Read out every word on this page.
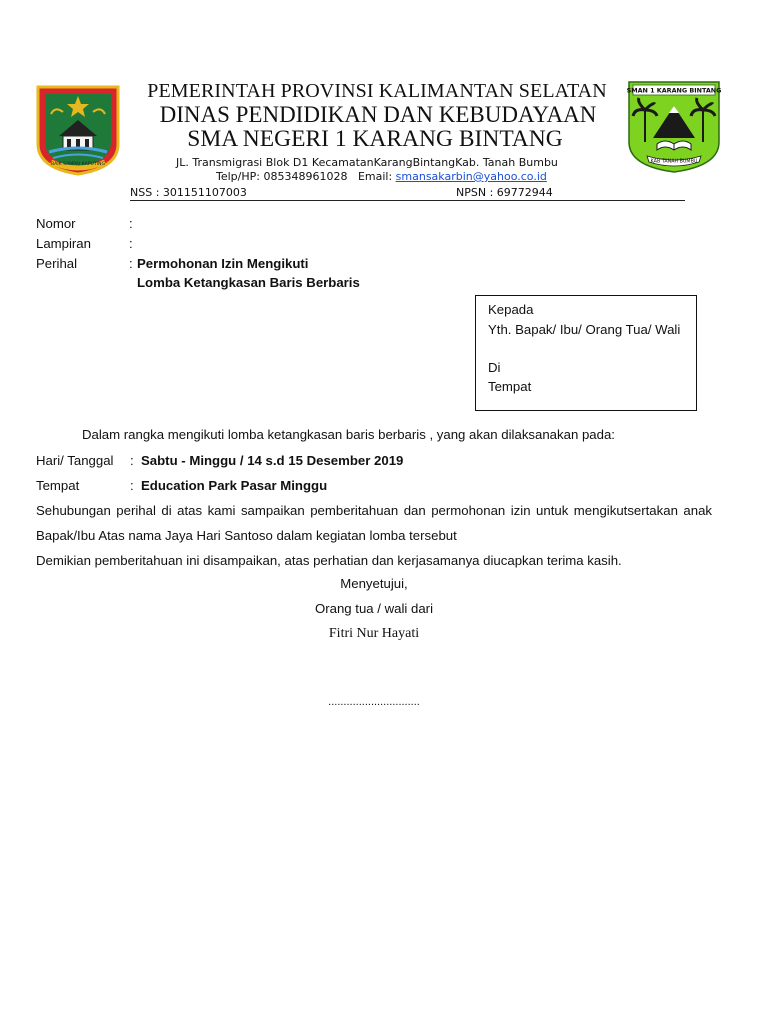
BAIK SAMPAI KAPUTING
PEMERINTAH PROVINSI KALIMANTAN SELATAN
DINAS PENDIDIKAN DAN KEBUDAYAAN
SMA NEGERI 1 KARANG BINTANG
JL. Transmigrasi Blok D1 KecamatanKarangBintangKab. Tanah Bumbu
Telp/HP: 085348961028   Email: smansakarbin@yahoo.co.id
NSS : 301151107003	NPSN : 69772944
SMAN 1 KARANG BINTANG
KAB TANAH BUMBU
Nomor	:
Lampiran	:
Perihal	: Permohonan Izin Mengikuti
Lomba Ketangkasan Baris Berbaris
Kepada
Yth. Bapak/ Ibu/ Orang Tua/ Wali
Di
Tempat
Dalam rangka mengikuti lomba ketangkasan baris berbaris , yang akan dilaksanakan pada:
Hari/ Tanggal : Sabtu - Minggu / 14 s.d 15 Desember 2019
Tempat	: Education Park Pasar Minggu
Sehubungan perihal di atas kami sampaikan pemberitahuan dan permohonan izin untuk mengikutsertakan anak
Bapak/Ibu Atas nama Jaya Hari Santoso dalam kegiatan lomba tersebut
Demikian pemberitahuan ini disampaikan, atas perhatian dan kerjasamanya diucapkan terima kasih.
Menyetujui,
Orang tua / wali dari
Fitri Nur Hayati
..............................
